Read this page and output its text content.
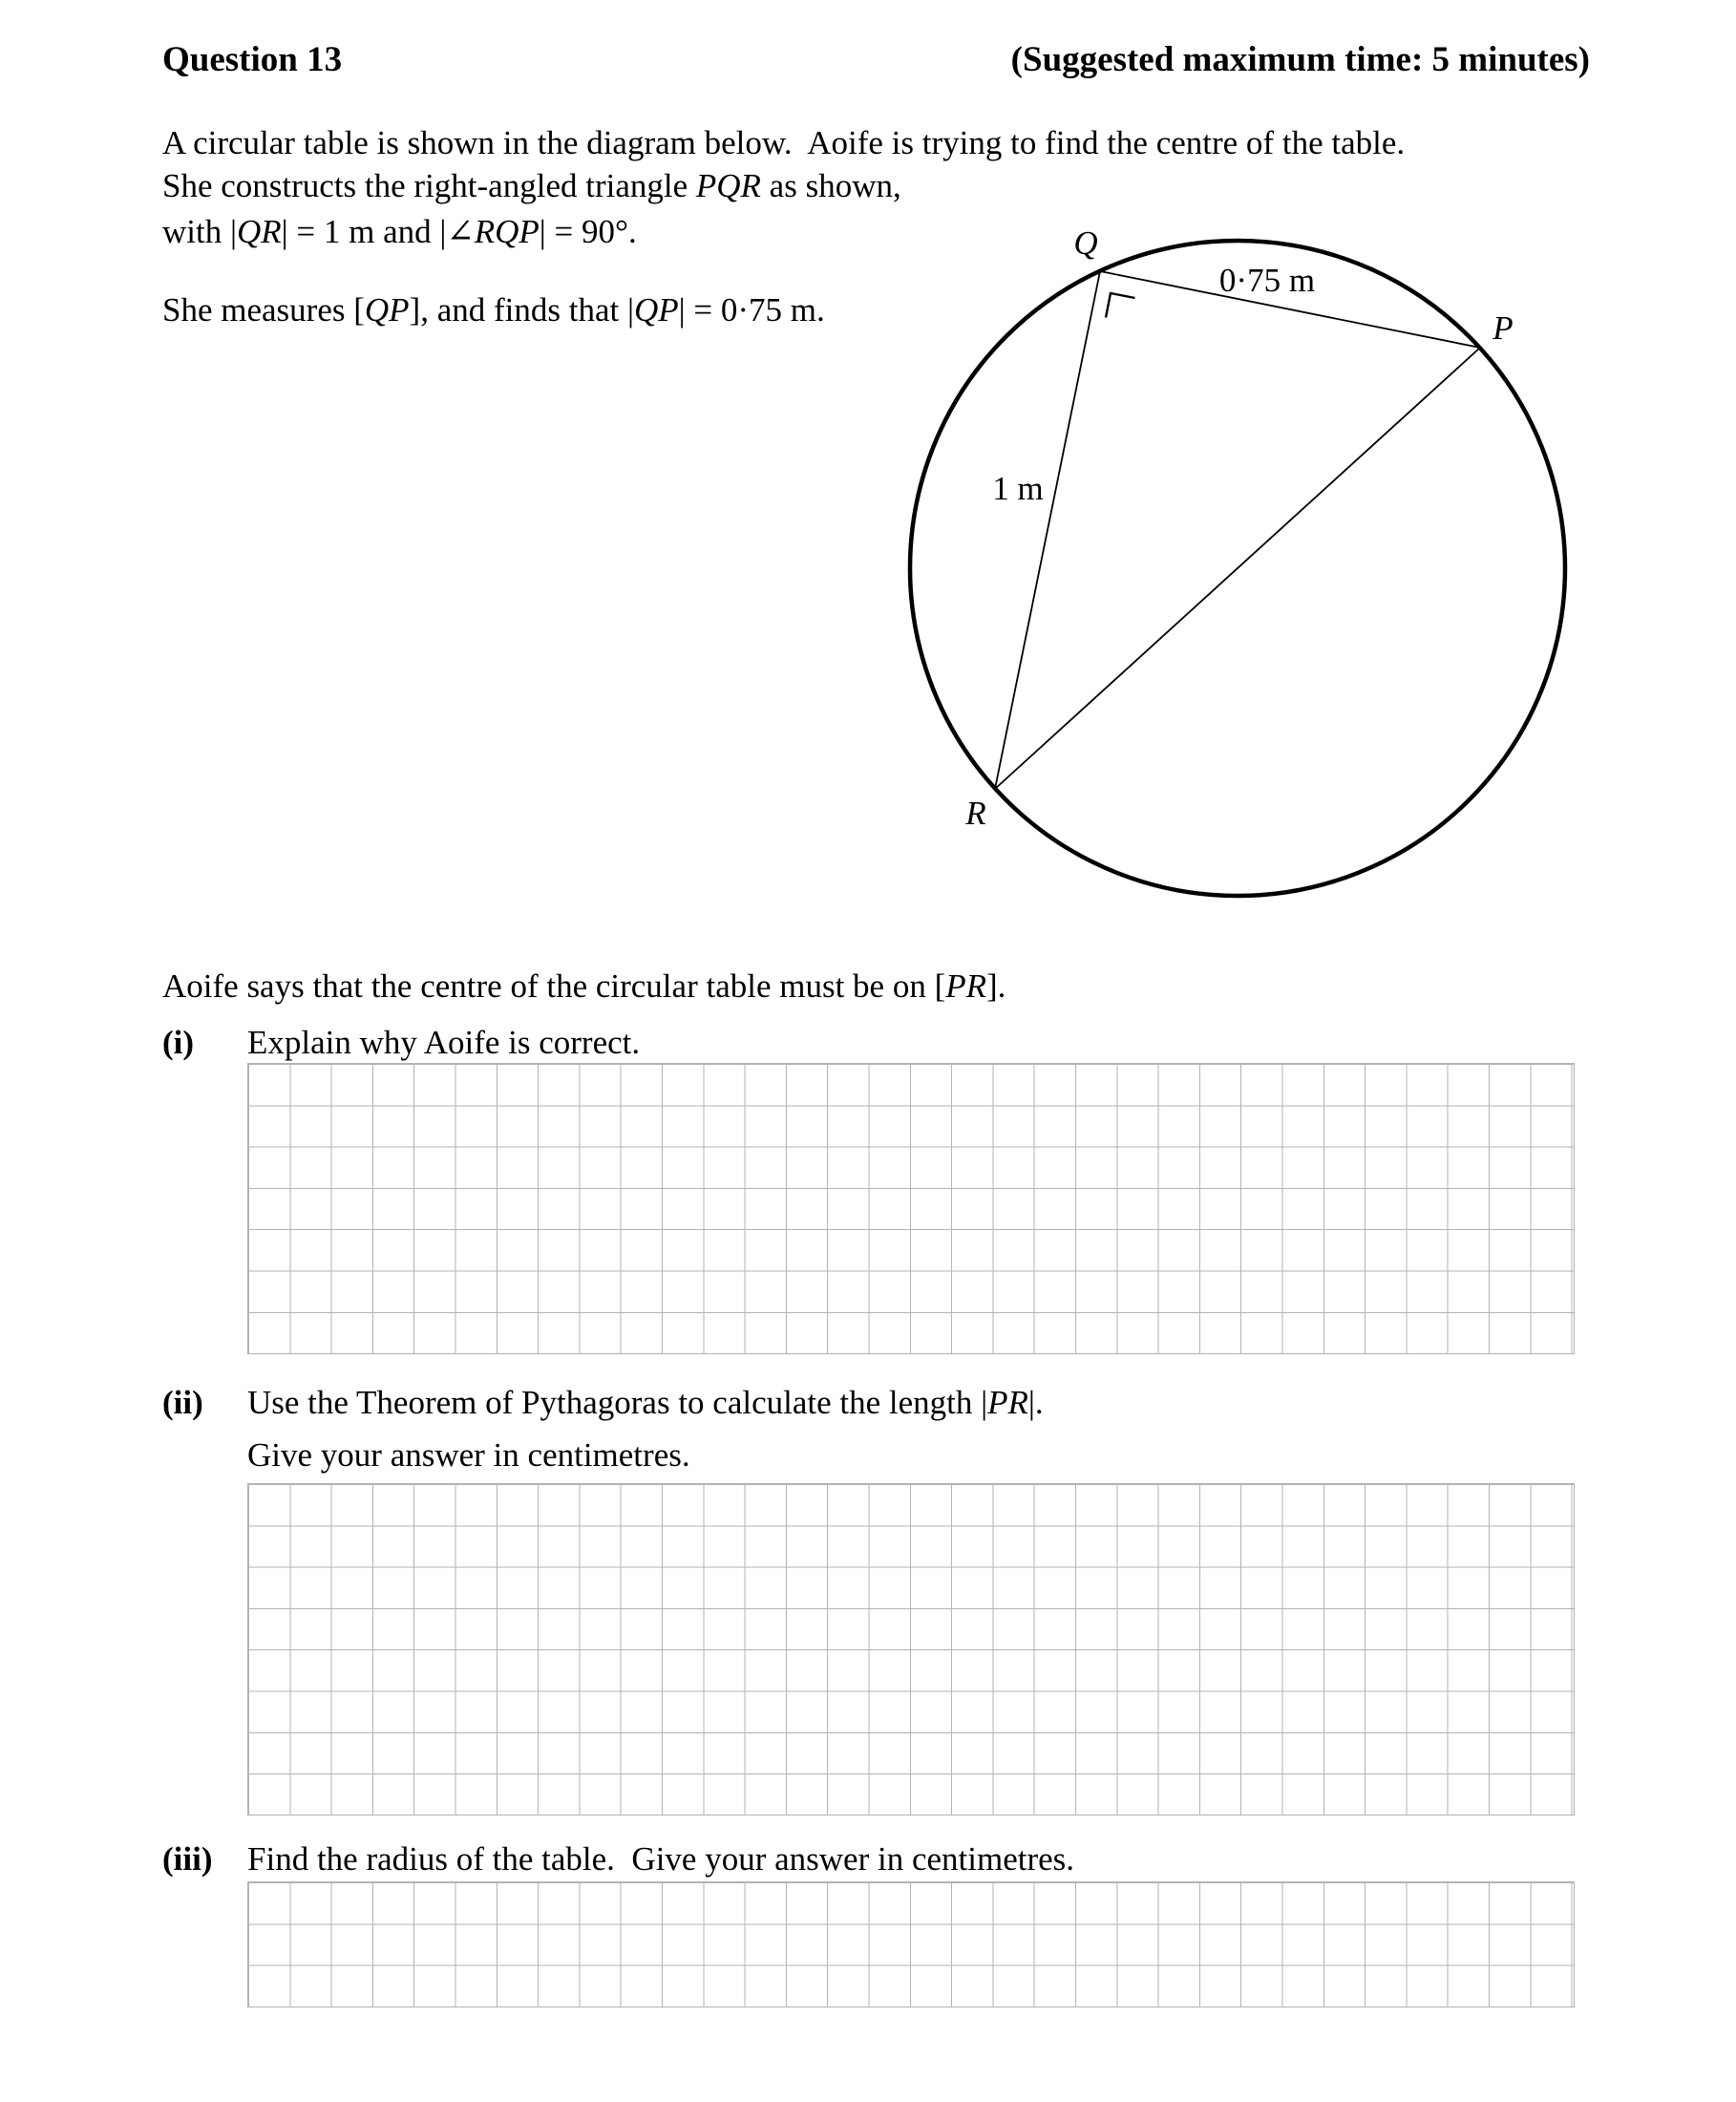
Question 13	(Suggested maximum time: 5 minutes)
A circular table is shown in the diagram below.  Aoife is trying to find the centre of the table.
She constructs the right-angled triangle PQR as shown,
with |QR| = 1 m and |∠RQP| = 90°.
She measures [QP], and finds that |QP| = 0·75 m.
Q
P
R
0·75 m
1 m
Aoife says that the centre of the circular table must be on [PR].
(i) Explain why Aoife is correct.
(ii) Use the Theorem of Pythagoras to calculate the length |PR|.
Give your answer in centimetres.
(iii) Find the radius of the table.  Give your answer in centimetres.
